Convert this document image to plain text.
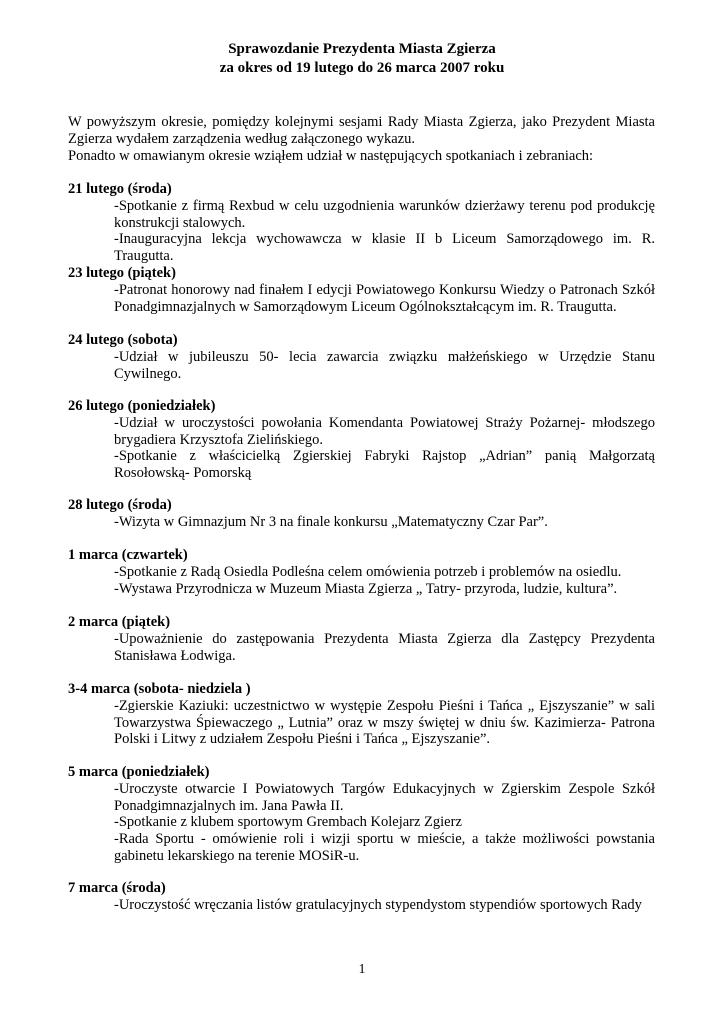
Sprawozdanie Prezydenta Miasta Zgierza
za okres od 19 lutego do 26 marca 2007 roku

W powyższym okresie, pomiędzy kolejnymi sesjami Rady Miasta Zgierza, jako Prezydent Miasta Zgierza wydałem zarządzenia według załączonego wykazu.

Ponadto w omawianym okresie wziąłem udział w następujących spotkaniach i zebraniach:

21 lutego (środa)

-Spotkanie z firmą Rexbud w celu uzgodnienia warunków dzierżawy terenu pod produkcję konstrukcji stalowych.

-Inauguracyjna lekcja wychowawcza w klasie II b Liceum Samorządowego im. R. Traugutta.

23 lutego (piątek)

-Patronat honorowy nad finałem I edycji Powiatowego Konkursu Wiedzy o Patronach Szkół Ponadgimnazjalnych w Samorządowym Liceum Ogólnokształcącym im. R. Traugutta.

24 lutego (sobota)

-Udział w jubileuszu 50- lecia zawarcia związku małżeńskiego w Urzędzie Stanu Cywilnego.

26 lutego (poniedziałek)

-Udział w uroczystości powołania Komendanta Powiatowej Straży Pożarnej- młodszego brygadiera Krzysztofa Zielińskiego.

-Spotkanie z właścicielką Zgierskiej Fabryki Rajstop „Adrian” panią Małgorzatą Rosołowską- Pomorską

28 lutego (środa)

-Wizyta w Gimnazjum Nr 3 na finale konkursu „Matematyczny Czar Par”.

1 marca (czwartek)

-Spotkanie z Radą Osiedla Podleśna celem omówienia potrzeb i problemów na osiedlu.

-Wystawa Przyrodnicza w Muzeum Miasta Zgierza „ Tatry- przyroda, ludzie, kultura”.

2 marca (piątek)

-Upoważnienie do zastępowania Prezydenta Miasta Zgierza dla Zastępcy Prezydenta Stanisława Łodwiga.

3-4 marca (sobota- niedziela )

-Zgierskie Kaziuki: uczestnictwo w występie Zespołu Pieśni i Tańca „ Ejszyszanie” w sali Towarzystwa Śpiewaczego „ Lutnia” oraz w mszy świętej w dniu św. Kazimierza- Patrona Polski i Litwy z udziałem Zespołu Pieśni i Tańca „ Ejszyszanie”.

5 marca (poniedziałek)

-Uroczyste otwarcie I Powiatowych Targów Edukacyjnych w Zgierskim Zespole Szkół Ponadgimnazjalnych im. Jana Pawła II.

-Spotkanie z klubem sportowym Grembach Kolejarz Zgierz

-Rada Sportu - omówienie roli i wizji sportu w mieście, a także możliwości powstania gabinetu lekarskiego na terenie MOSiR-u.

7 marca (środa)

-Uroczystość wręczania listów gratulacyjnych stypendystom stypendiów sportowych Rady

1
